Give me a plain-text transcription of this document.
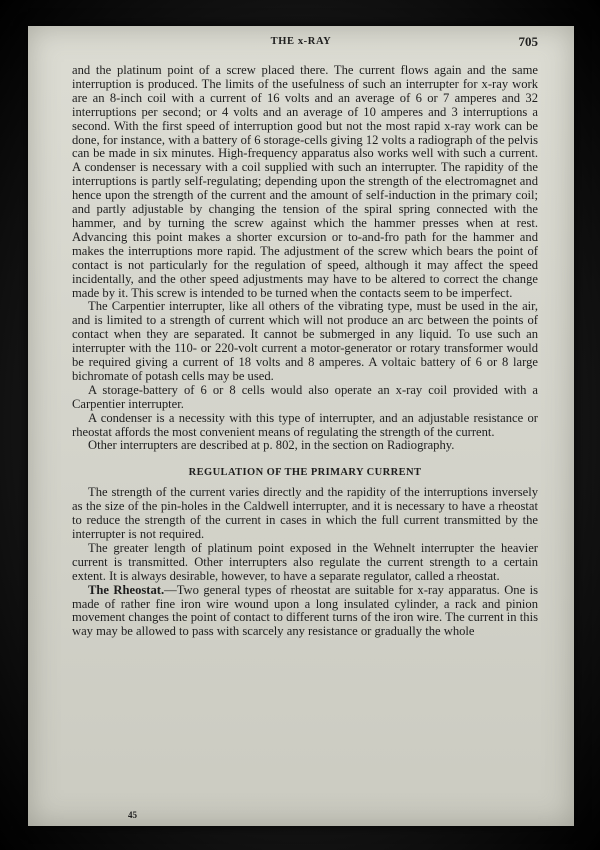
THE x-RAY	705

and the platinum point of a screw placed there. The current flows again and the same interruption is produced. The limits of the usefulness of such an interrupter for x-ray work are an 8-inch coil with a current of 16 volts and an average of 6 or 7 amperes and 32 interruptions per second; or 4 volts and an average of 10 amperes and 3 interruptions a second. With the first speed of interruption good but not the most rapid x-ray work can be done, for instance, with a battery of 6 storage-cells giving 12 volts a radiograph of the pelvis can be made in six minutes. High-frequency apparatus also works well with such a current. A condenser is necessary with a coil supplied with such an interrupter. The rapidity of the interruptions is partly self-regulating; depending upon the strength of the electromagnet and hence upon the strength of the current and the amount of self-induction in the primary coil; and partly adjustable by changing the tension of the spiral spring connected with the hammer, and by turning the screw against which the hammer presses when at rest. Advancing this point makes a shorter excursion or to-and-fro path for the hammer and makes the interruptions more rapid. The adjustment of the screw which bears the point of contact is not particularly for the regulation of speed, although it may affect the speed incidentally, and the other speed adjustments may have to be altered to correct the change made by it. This screw is intended to be turned when the contacts seem to be imperfect.

The Carpentier interrupter, like all others of the vibrating type, must be used in the air, and is limited to a strength of current which will not produce an arc between the points of contact when they are separated. It cannot be submerged in any liquid. To use such an interrupter with the 110- or 220-volt current a motor-generator or rotary transformer would be required giving a current of 18 volts and 8 amperes. A voltaic battery of 6 or 8 large bichromate of potash cells may be used.

A storage-battery of 6 or 8 cells would also operate an x-ray coil provided with a Carpentier interrupter.

A condenser is a necessity with this type of interrupter, and an adjustable resistance or rheostat affords the most convenient means of regulating the strength of the current.

Other interrupters are described at p. 802, in the section on Radiography.

REGULATION OF THE PRIMARY CURRENT

The strength of the current varies directly and the rapidity of the interruptions inversely as the size of the pin-holes in the Caldwell interrupter, and it is necessary to have a rheostat to reduce the strength of the current in cases in which the full current transmitted by the interrupter is not required.

The greater length of platinum point exposed in the Wehnelt interrupter the heavier current is transmitted. Other interrupters also regulate the current strength to a certain extent. It is always desirable, however, to have a separate regulator, called a rheostat.

The Rheostat.—Two general types of rheostat are suitable for x-ray apparatus. One is made of rather fine iron wire wound upon a long insulated cylinder, a rack and pinion movement changes the point of contact to different turns of the iron wire. The current in this way may be allowed to pass with scarcely any resistance or gradually the whole

45
